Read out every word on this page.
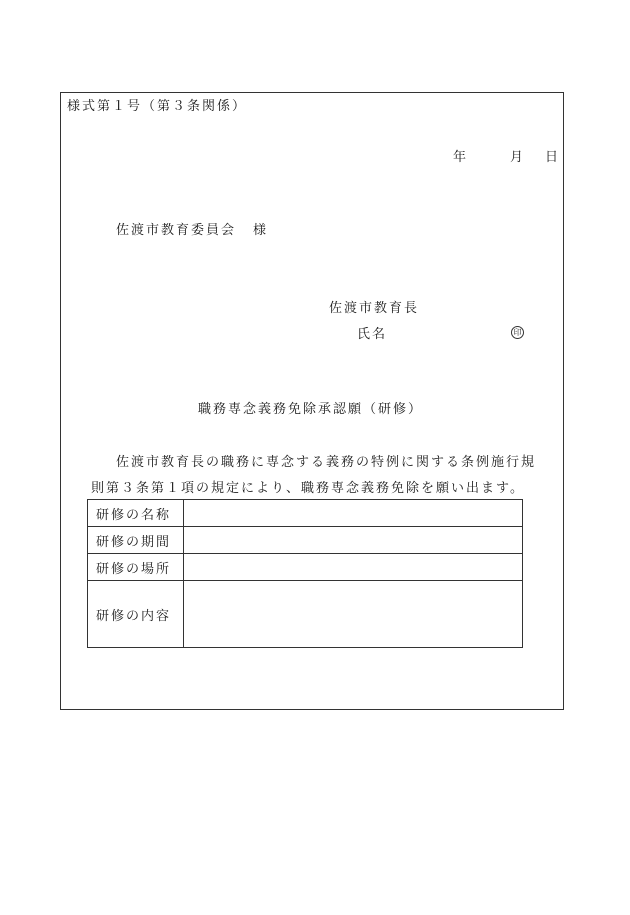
様式第１号（第３条関係）
年	月 日
佐渡市教育委員会 様
佐渡市教育長
氏名	印
職務専念義務免除承認願（研修）
佐渡市教育長の職務に専念する義務の特例に関する条例施行規
則第３条第１項の規定により、職務専念義務免除を願い出ます。
研修の名称	
研修の期間	
研修の場所	
研修の内容	
